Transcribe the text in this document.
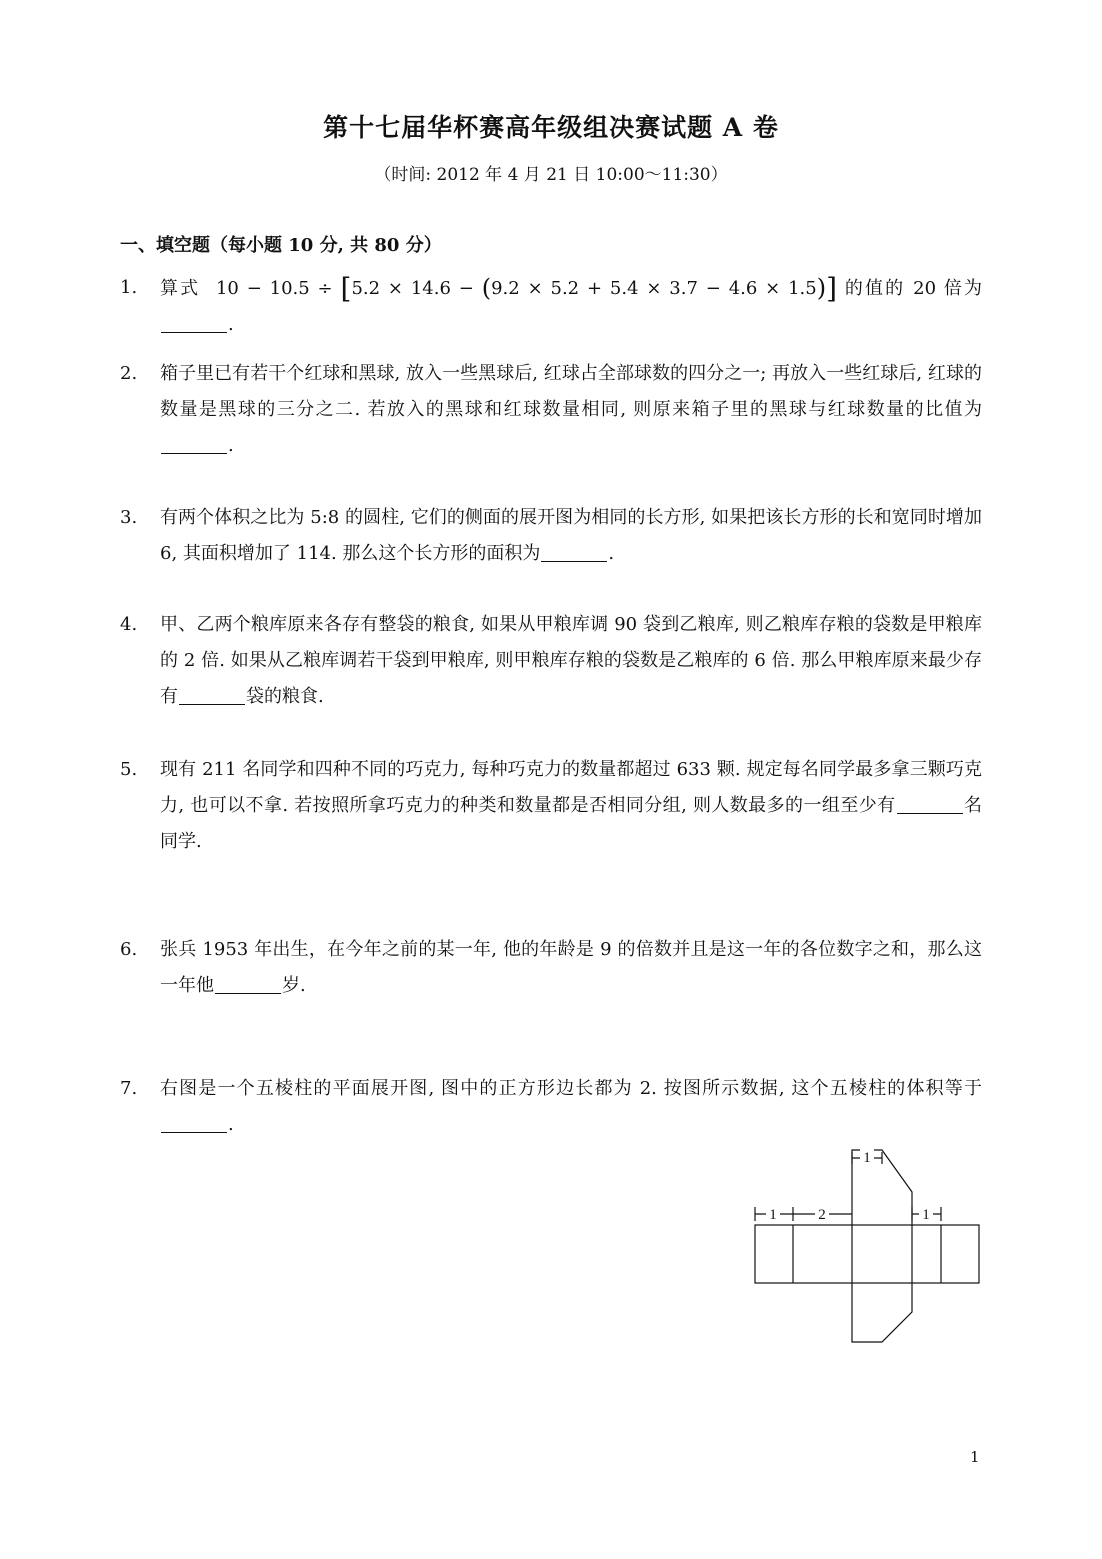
第十七届华杯赛高年级组决赛试题 A 卷
（时间: 2012 年 4 月 21 日 10:00～11:30）
一、填空题（每小题 10 分, 共 80 分）
1. 算式 10 − 10.5 ÷ [5.2 × 14.6 − (9.2 × 5.2 + 5.4 × 3.7 − 4.6 × 1.5)] 的值的 20 倍为.
2. 箱子里已有若干个红球和黑球, 放入一些黑球后, 红球占全部球数的四分之一; 再放入一些红球后, 红球的数量是黑球的三分之二. 若放入的黑球和红球数量相同, 则原来箱子里的黑球与红球数量的比值为.
3. 有两个体积之比为 5:8 的圆柱, 它们的侧面的展开图为相同的长方形, 如果把该长方形的长和宽同时增加 6, 其面积增加了 114. 那么这个长方形的面积为	.
4. 甲、乙两个粮库原来各存有整袋的粮食, 如果从甲粮库调 90 袋到乙粮库, 则乙粮库存粮的袋数是甲粮库的 2 倍. 如果从乙粮库调若干袋到甲粮库, 则甲粮库存粮的袋数是乙粮库的 6 倍. 那么甲粮库原来最少存有	袋的粮食.
5. 现有 211 名同学和四种不同的巧克力, 每种巧克力的数量都超过 633 颗. 规定每名同学最多拿三颗巧克力, 也可以不拿. 若按照所拿巧克力的种类和数量都是否相同分组, 则人数最多的一组至少有	名同学.
6. 张兵 1953 年出生，在今年之前的某一年, 他的年龄是 9 的倍数并且是这一年的各位数字之和，那么这一年他	岁.
7. 右图是一个五棱柱的平面展开图, 图中的正方形边长都为 2. 按图所示数据, 这个五棱柱的体积等于.
1
1	2	1
1
